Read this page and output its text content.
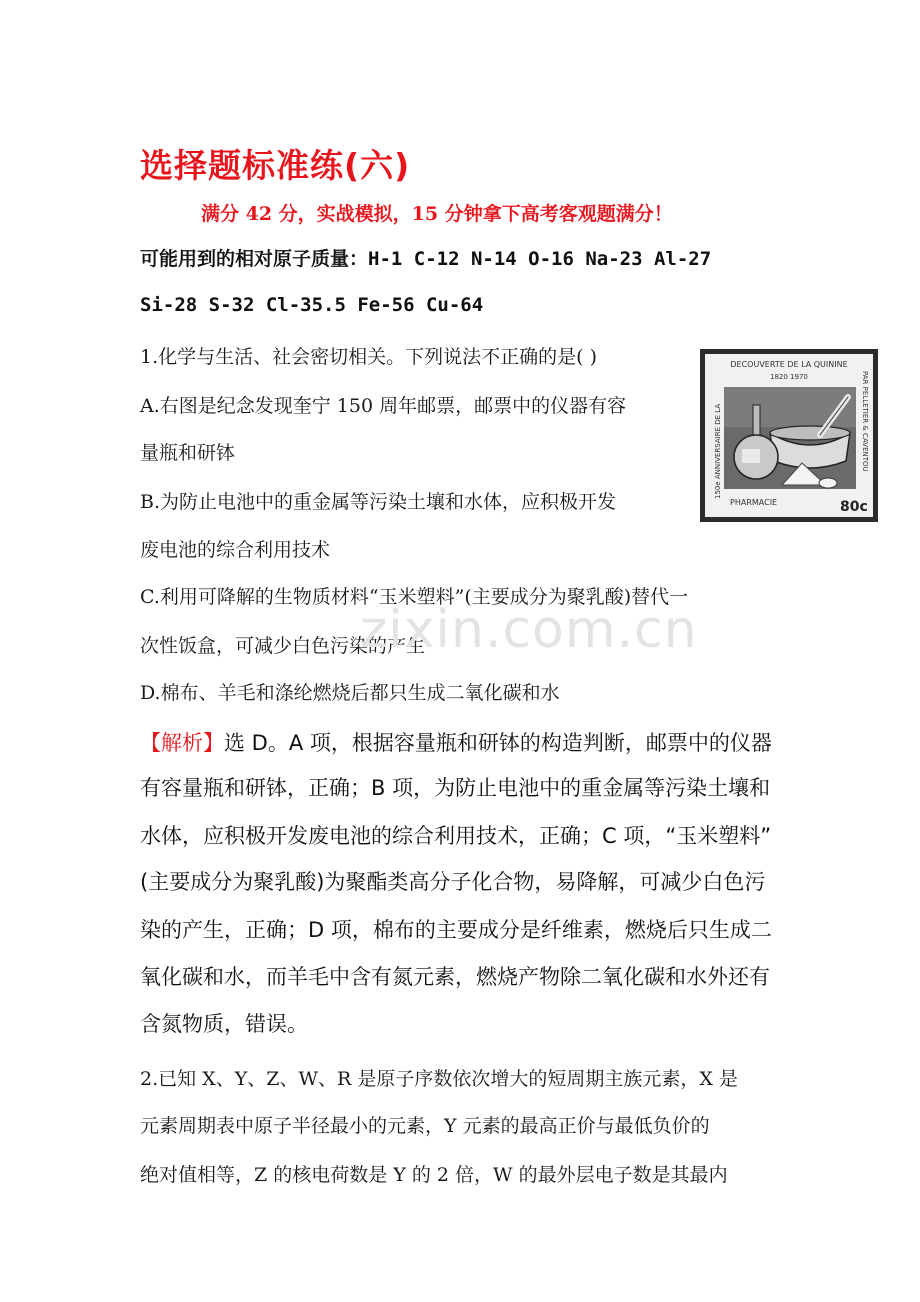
选择题标准练(六)
满分 42 分，实战模拟，15 分钟拿下高考客观题满分！
可能用到的相对原子质量：H-1 C-12 N-14 O-16 Na-23 Al-27
Si-28 S-32 Cl-35.5 Fe-56 Cu-64
1.化学与生活、社会密切相关。下列说法不正确的是( )
A.右图是纪念发现奎宁 150 周年邮票，邮票中的仪器有容
量瓶和研钵
B.为防止电池中的重金属等污染土壤和水体，应积极开发
废电池的综合利用技术
C.利用可降解的生物质材料“玉米塑料”(主要成分为聚乳酸)替代一
次性饭盒，可减少白色污染的产生
D.棉布、羊毛和涤纶燃烧后都只生成二氧化碳和水
DECOUVERTE DE LA QUININE
1820 1970
150e ANNIVERSAIRE DE LA	PAR PELLETIER & CAVENTOU
PHARMACIE	80c
zixin.com.cn
【解析】选 D。A 项，根据容量瓶和研钵的构造判断，邮票中的仪器
有容量瓶和研钵，正确；B 项，为防止电池中的重金属等污染土壤和
水体，应积极开发废电池的综合利用技术，正确；C 项，“玉米塑料”
(主要成分为聚乳酸)为聚酯类高分子化合物，易降解，可减少白色污
染的产生，正确；D 项，棉布的主要成分是纤维素，燃烧后只生成二
氧化碳和水，而羊毛中含有氮元素，燃烧产物除二氧化碳和水外还有
含氮物质，错误。
2.已知 X、Y、Z、W、R 是原子序数依次增大的短周期主族元素，X 是
元素周期表中原子半径最小的元素，Y 元素的最高正价与最低负价的
绝对值相等，Z 的核电荷数是 Y 的 2 倍，W 的最外层电子数是其最内
